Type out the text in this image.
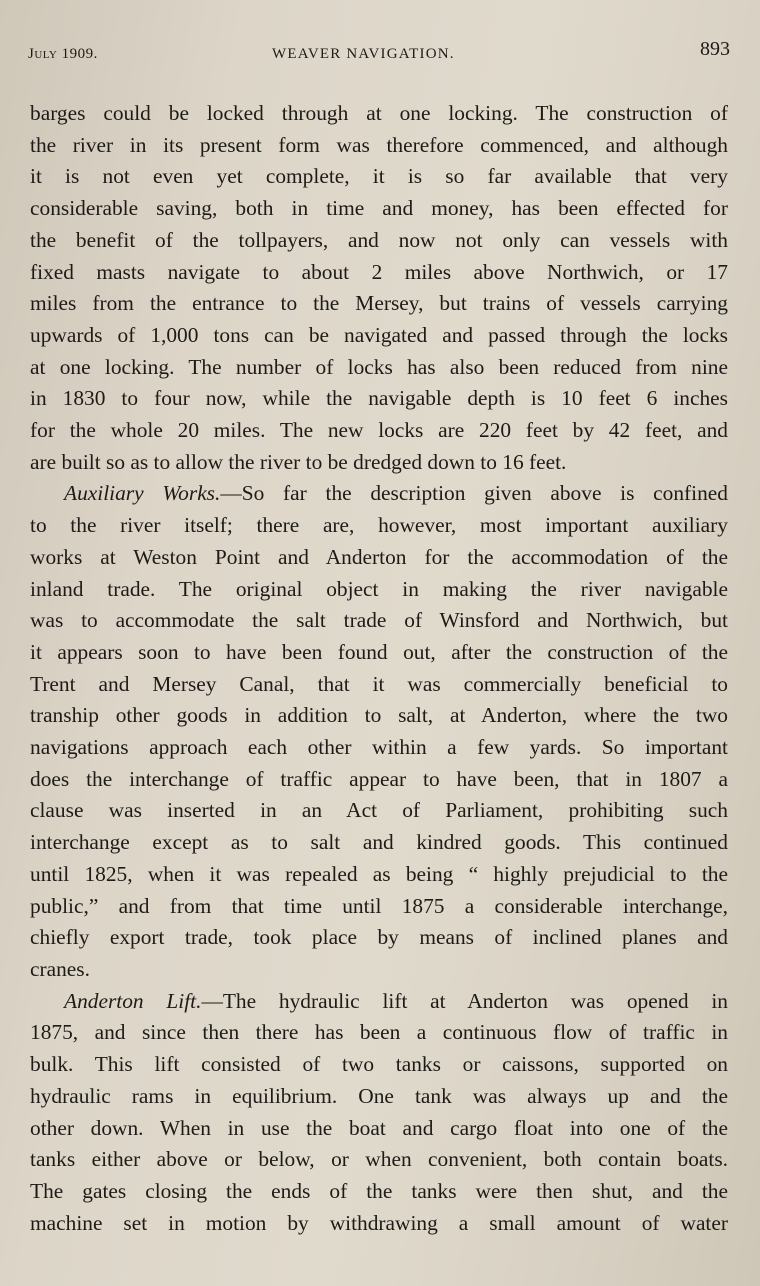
July 1909.	WEAVER NAVIGATION.	893

barges could be locked through at one locking. The construction of
the river in its present form was therefore commenced, and although
it is not even yet complete, it is so far available that very
considerable saving, both in time and money, has been effected for
the benefit of the tollpayers, and now not only can vessels with
fixed masts navigate to about 2 miles above Northwich, or 17
miles from the entrance to the Mersey, but trains of vessels carrying
upwards of 1,000 tons can be navigated and passed through the locks
at one locking. The number of locks has also been reduced from nine
in 1830 to four now, while the navigable depth is 10 feet 6 inches
for the whole 20 miles. The new locks are 220 feet by 42 feet, and
are built so as to allow the river to be dredged down to 16 feet.

Auxiliary Works.—So far the description given above is confined
to the river itself; there are, however, most important auxiliary
works at Weston Point and Anderton for the accommodation of the
inland trade. The original object in making the river navigable
was to accommodate the salt trade of Winsford and Northwich, but
it appears soon to have been found out, after the construction of the
Trent and Mersey Canal, that it was commercially beneficial to
tranship other goods in addition to salt, at Anderton, where the two
navigations approach each other within a few yards. So important
does the interchange of traffic appear to have been, that in 1807 a
clause was inserted in an Act of Parliament, prohibiting such
interchange except as to salt and kindred goods. This continued
until 1825, when it was repealed as being “ highly prejudicial to the
public,” and from that time until 1875 a considerable interchange,
chiefly export trade, took place by means of inclined planes and
cranes.

Anderton Lift.—The hydraulic lift at Anderton was opened in
1875, and since then there has been a continuous flow of traffic in
bulk. This lift consisted of two tanks or caissons, supported on
hydraulic rams in equilibrium. One tank was always up and the
other down. When in use the boat and cargo float into one of the
tanks either above or below, or when convenient, both contain boats.
The gates closing the ends of the tanks were then shut, and the
machine set in motion by withdrawing a small amount of water
